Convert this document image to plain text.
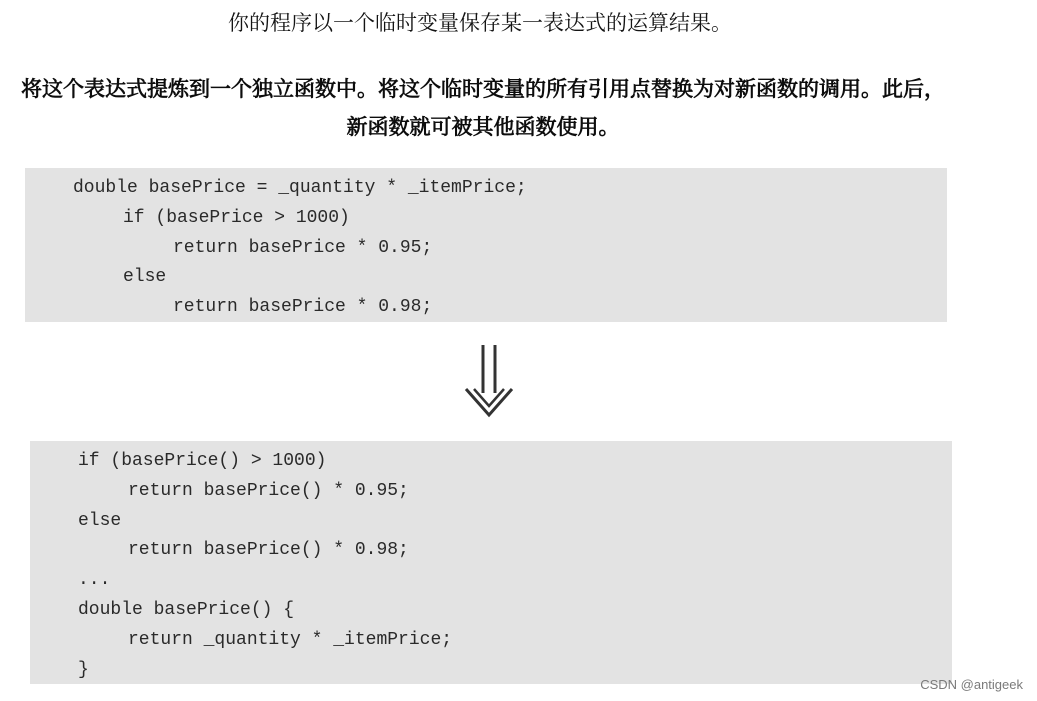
你的程序以一个临时变量保存某一表达式的运算结果。
将这个表达式提炼到一个独立函数中。将这个临时变量的所有引用点替换为对新函数的调用。此后，新函数就可被其他函数使用。
double basePrice = _quantity * _itemPrice;
if (basePrice > 1000)
return basePrice * 0.95;
else
return basePrice * 0.98;
if (basePrice() > 1000)
return basePrice() * 0.95;
else
return basePrice() * 0.98;
...
double basePrice() {
return _quantity * _itemPrice;
}
CSDN @antigeek
